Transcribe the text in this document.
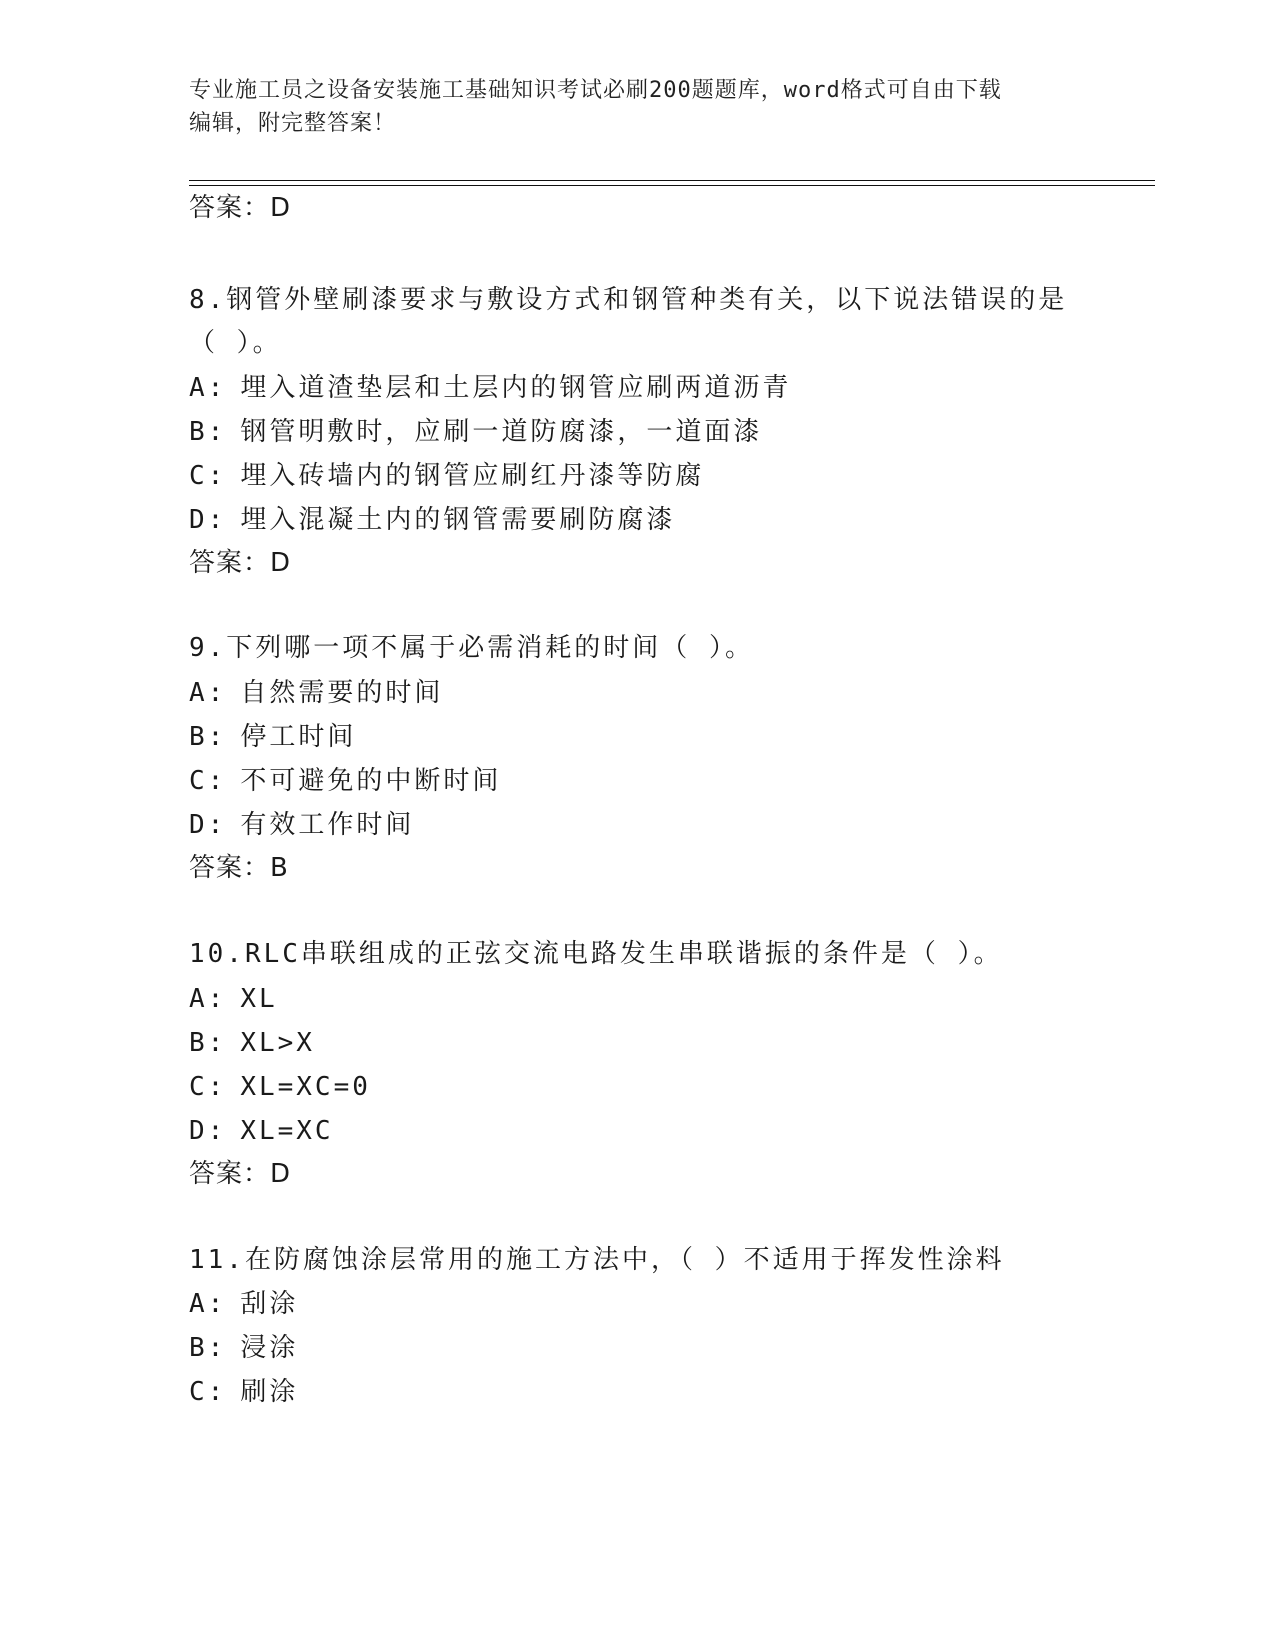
专业施工员之设备安装施工基础知识考试必刷200题题库，word格式可自由下载
编辑，附完整答案！
答案：D
8.钢管外壁刷漆要求与敷设方式和钢管种类有关，以下说法错误的是
（ ）。
A: 埋入道渣垫层和土层内的钢管应刷两道沥青
B: 钢管明敷时，应刷一道防腐漆，一道面漆
C: 埋入砖墙内的钢管应刷红丹漆等防腐
D: 埋入混凝土内的钢管需要刷防腐漆
答案：D
9.下列哪一项不属于必需消耗的时间（ ）。
A: 自然需要的时间
B: 停工时间
C: 不可避免的中断时间
D: 有效工作时间
答案：B
10.RLC串联组成的正弦交流电路发生串联谐振的条件是（ ）。
A: XL
B: XL>X
C: XL=XC=0
D: XL=XC
答案：D
11.在防腐蚀涂层常用的施工方法中，（ ）不适用于挥发性涂料
A: 刮涂
B: 浸涂
C: 刷涂
